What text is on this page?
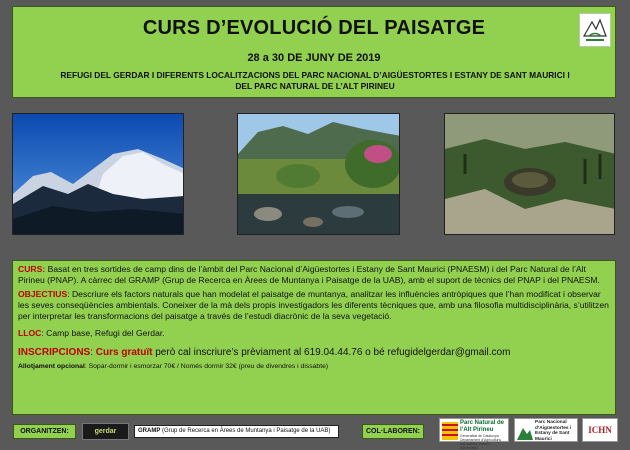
CURS D’EVOLUCIÓ DEL PAISATGE
28 a 30 DE JUNY DE 2019
REFUGI DEL GERDAR I DIFERENTS LOCALITZACIONS DEL PARC NACIONAL D’AIGÜESTORTES I ESTANY DE SANT MAURICI I DEL PARC NATURAL DE L’ALT PIRINEU

CURS: Basat en tres sortides de camp dins de l’àmbit del Parc Nacional d’Aigüestortes i Estany de Sant Maurici (PNAESM) i del Parc Natural de l’Alt Pirineu (PNAP). A càrrec del GRAMP (Grup de Recerca en Àrees de Muntanya i Paisatge de la UAB), amb el suport de tècnics del PNAP i del PNAESM.

OBJECTIUS: Descriure els factors naturals que han modelat el paisatge de muntanya, analitzar les influències antròpiques que l’han modificat i observar les seves conseqüències ambientals. Coneixer de la mà dels propis investigadors les diferents tècniques que, amb una filosofia multidisciplinària, s’utilitzen per interpretar les transformacions del paisatge a través de l’estudi diacrònic de la seva vegetació.

LLOC: Camp base, Refugi del Gerdar.

INSCRIPCIONS: Curs gratuït però cal inscriure’s prèviament al 619.04.44.76 o bé refugidelgerdar@gmail.com

Allotjament opcional: Sopar-dormir i esmorzar 70€ / Només dormir 32€ (preu de divendres i dissabte)

ORGANITZEN:	gerdar	GRAMP (Grup de Recerca en Àrees de Muntanya i Paisatge de la UAB)	COL·LABOREN:
Parc Natural de l’Alt Pirineu
Generalitat de Catalunya · Departament d’Agricultura, Ramaderia, Pesca i Alimentació
Parc Nacional d’Aigüestortes i Estany de Sant Maurici
ICHN
